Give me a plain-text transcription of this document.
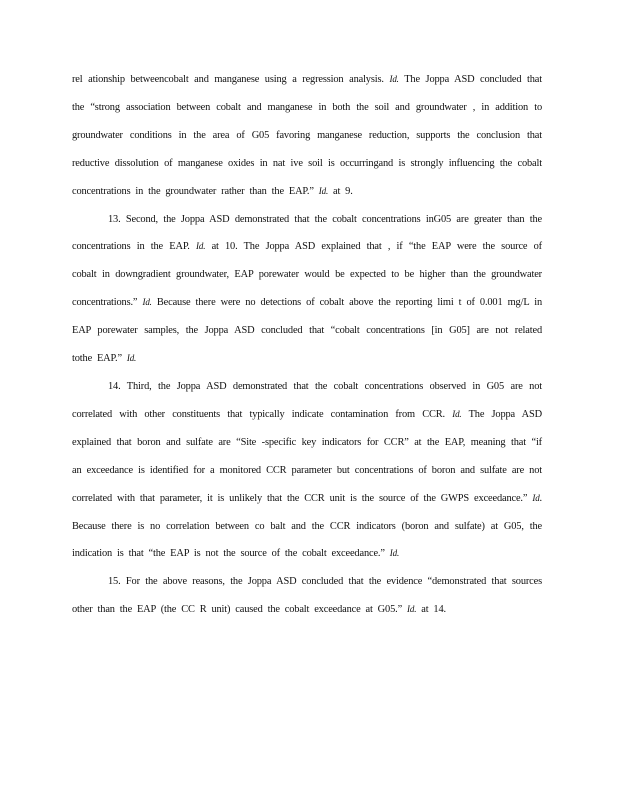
rel ationship betweencobalt and manganese using a regression analysis. Id. The Joppa ASD concluded that the “strong association between cobalt and manganese in both the soil and groundwater , in addition to groundwater conditions in the area of G05 favoring manganese reduction, supports the conclusion that reductive dissolution of manganese oxides in nat ive soil is occurringand is strongly influencing the cobalt concentrations in the groundwater rather than the EAP.” Id. at 9.

13. Second, the Joppa ASD demonstrated that the cobalt concentrations inG05 are greater than the concentrations in the EAP. Id. at 10. The Joppa ASD explained that , if “the EAP were the source of cobalt in downgradient groundwater, EAP porewater would be expected to be higher than the groundwater concentrations.” Id. Because there were no detections of cobalt above the reporting limi t of 0.001 mg/L in EAP porewater samples, the Joppa ASD concluded that “cobalt concentrations [in G05] are not related tothe EAP.” Id.

14. Third, the Joppa ASD demonstrated that the cobalt concentrations observed in G05 are not correlated with other constituents that typically indicate contamination from CCR. Id. The Joppa ASD explained that boron and sulfate are “Site -specific key indicators for CCR” at the EAP, meaning that “if an exceedance is identified for a monitored CCR parameter but concentrations of boron and sulfate are not correlated with that parameter, it is unlikely that the CCR unit is the source of the GWPS exceedance.” Id. Because there is no correlation between co balt and the CCR indicators (boron and sulfate) at G05, the indication is that “the EAP is not the source of the cobalt exceedance.” Id.

15. For the above reasons, the Joppa ASD concluded that the evidence “demonstrated that sources other than the EAP (the CC R unit) caused the cobalt exceedance at G05.” Id. at 14.
